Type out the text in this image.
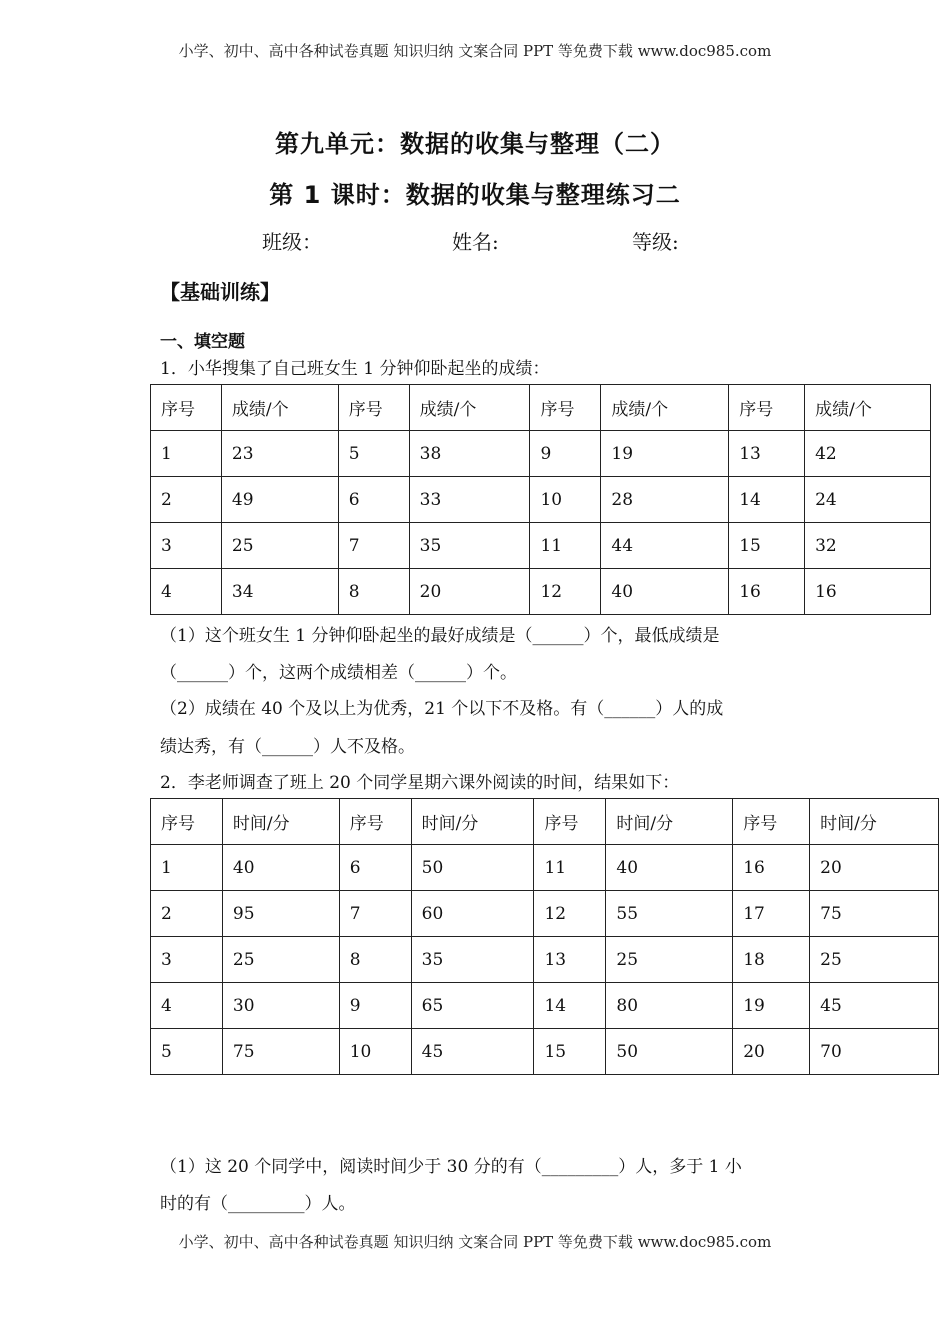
小学、初中、高中各种试卷真题 知识归纳 文案合同 PPT 等免费下载 www.doc985.com
第九单元：数据的收集与整理（二）
第 1 课时：数据的收集与整理练习二
班级：	姓名:	等级:
【基础训练】
一、填空题
1．小华搜集了自己班女生 1 分钟仰卧起坐的成绩：
序号	成绩/个	序号	成绩/个	序号	成绩/个	序号	成绩/个
1	23	5	38	9	19	13	42
2	49	6	33	10	28	14	24
3	25	7	35	11	44	15	32
4	34	8	20	12	40	16	16
（1）这个班女生 1 分钟仰卧起坐的最好成绩是（______）个，最低成绩是
（______）个，这两个成绩相差（______）个。
（2）成绩在 40 个及以上为优秀，21 个以下不及格。有（______）人的成
绩达秀，有（______）人不及格。
2．李老师调查了班上 20 个同学星期六课外阅读的时间，结果如下：
序号	时间/分	序号	时间/分	序号	时间/分	序号	时间/分
1	40	6	50	11	40	16	20
2	95	7	60	12	55	17	75
3	25	8	35	13	25	18	25
4	30	9	65	14	80	19	45
5	75	10	45	15	50	20	70
（1）这 20 个同学中，阅读时间少于 30 分的有（_________）人，多于 1 小
时的有（_________）人。
小学、初中、高中各种试卷真题 知识归纳 文案合同 PPT 等免费下载 www.doc985.com
